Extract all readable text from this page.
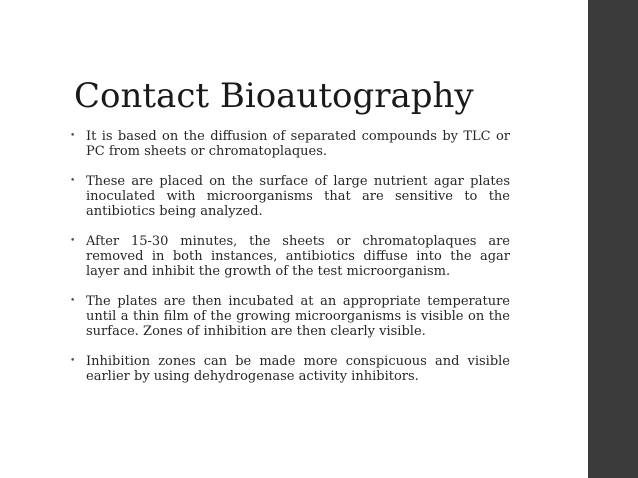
Contact Bioautography
• It is based on the diffusion of separated compounds by TLC or PC from sheets or chromatoplaques.
• These are placed on the surface of large nutrient agar plates inoculated with microorganisms that are sensitive to the antibiotics being analyzed.
• After 15-30 minutes, the sheets or chromatoplaques are removed in both instances, antibiotics diffuse into the agar layer and inhibit the growth of the test microorganism.
• The plates are then incubated at an appropriate temperature until a thin film of the growing microorganisms is visible on the surface. Zones of inhibition are then clearly visible.
• Inhibition zones can be made more conspicuous and visible earlier by using dehydrogenase activity inhibitors.
